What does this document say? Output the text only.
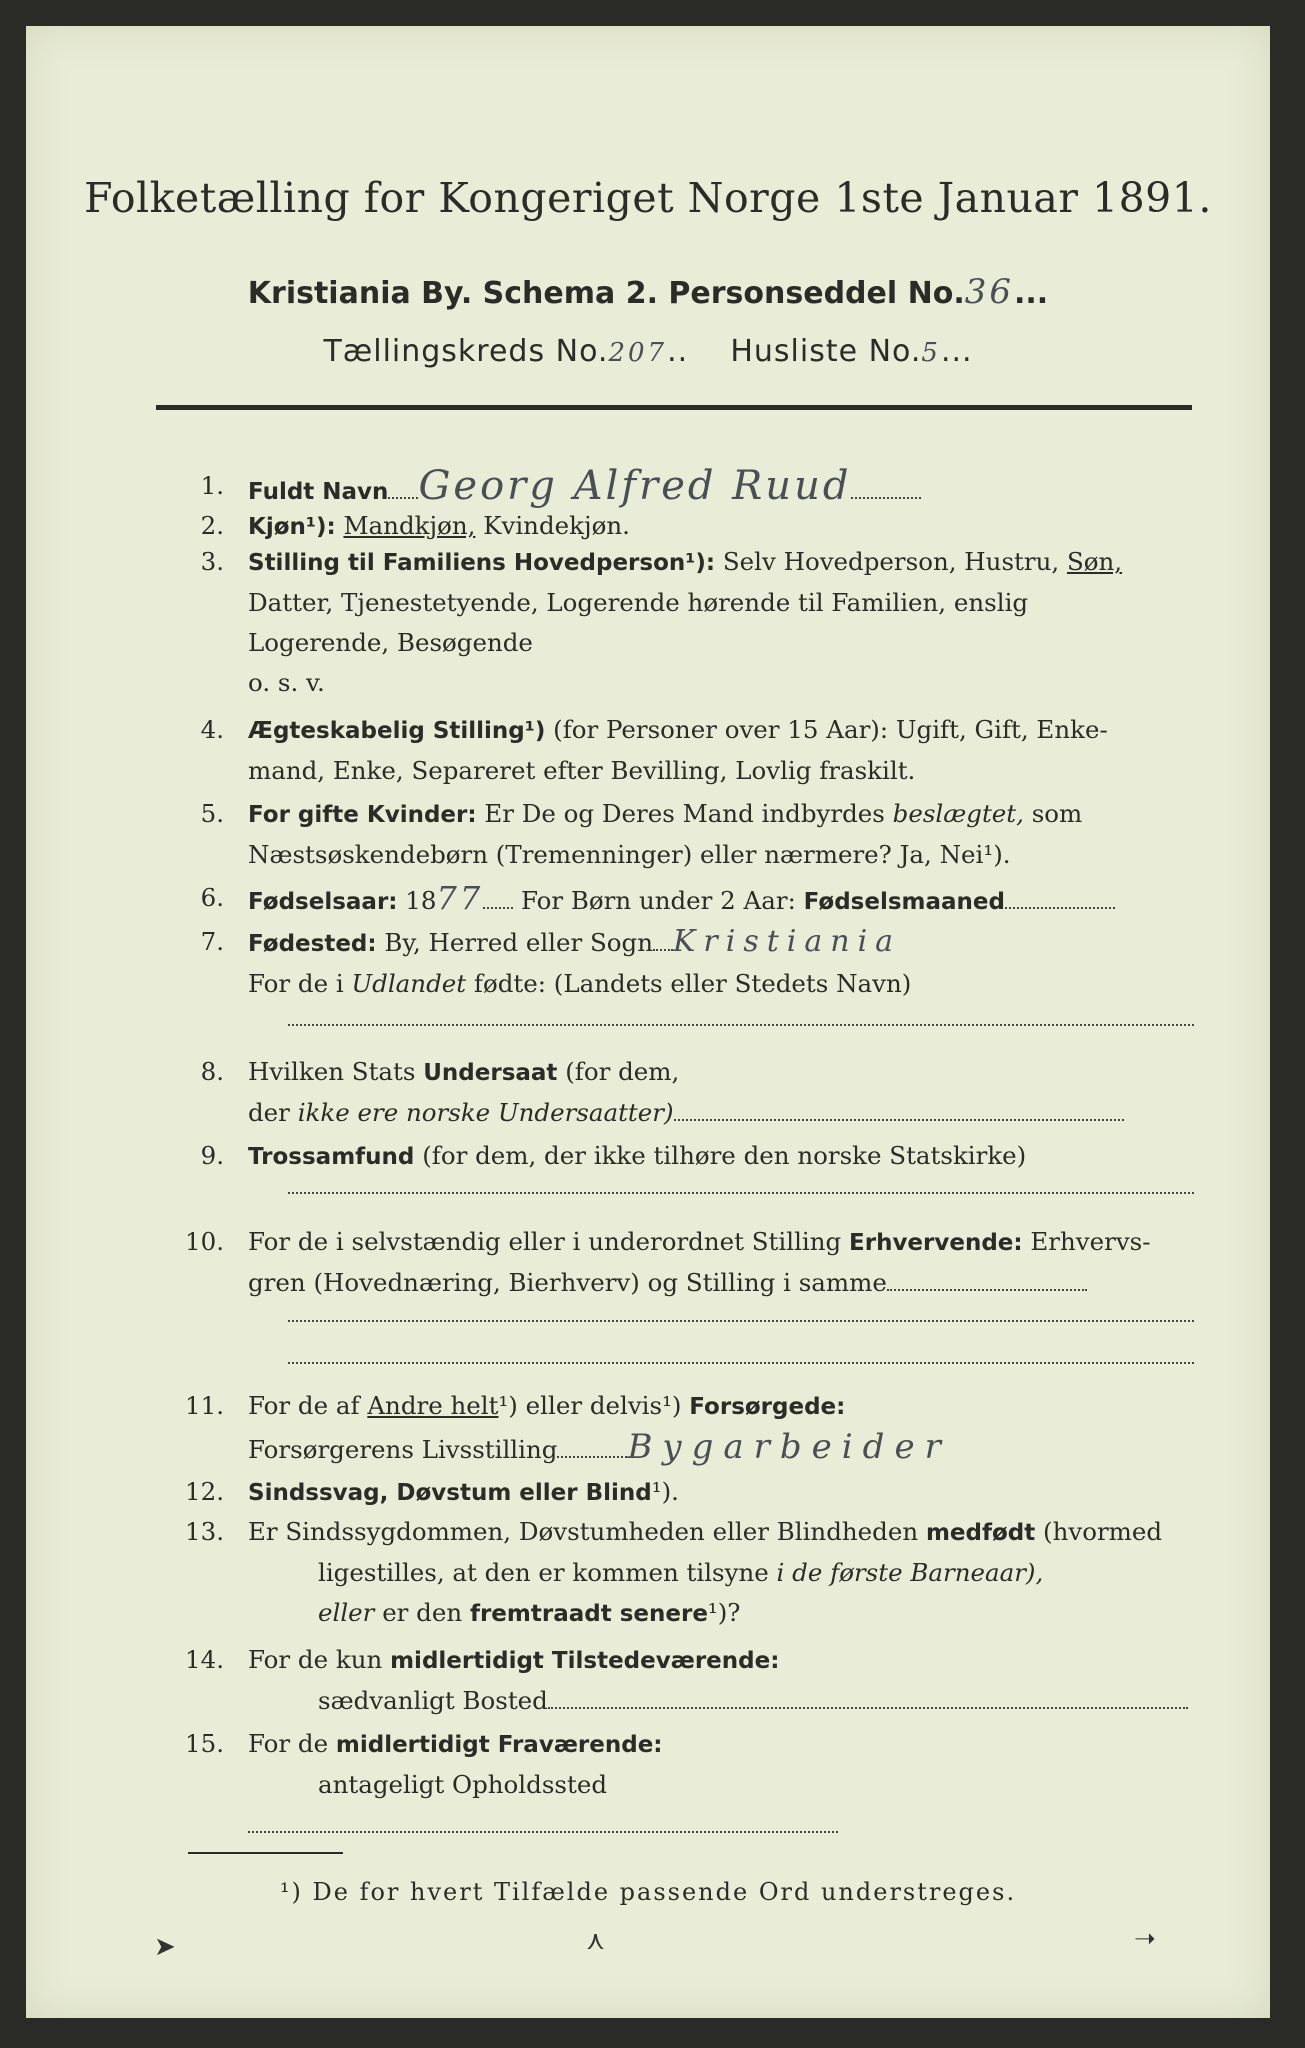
Folketælling for Kongeriget Norge 1ste Januar 1891.
Kristiania By. Schema 2. Personseddel No.36...
Tællingskreds No.207..    Husliste No.5...
1. Fuldt Navn Georg Alfred Ruud
2. Kjøn¹): Mandkjøn, Kvindekjøn.
3. Stilling til Familiens Hovedperson¹): Selv Hovedperson, Hustru, Søn,
Datter, Tjenestetyende, Logerende hørende til Familien, enslig
Logerende, Besøgende
o. s. v.
4. Ægteskabelig Stilling¹) (for Personer over 15 Aar): Ugift, Gift, Enke-
mand, Enke, Separeret efter Bevilling, Lovlig fraskilt.
5. For gifte Kvinder: Er De og Deres Mand indbyrdes beslægtet, som
Næstsøskendebørn (Tremenninger) eller nærmere? Ja, Nei¹).
6. Fødselsaar: 1877 For Børn under 2 Aar: Fødselsmaaned
7. Fødested: By, Herred eller Sogn Kristiania
For de i Udlandet fødte: (Landets eller Stedets Navn)
8. Hvilken Stats Undersaat (for dem,
der ikke ere norske Undersaatter)
9. Trossamfund (for dem, der ikke tilhøre den norske Statskirke)
10. For de i selvstændig eller i underordnet Stilling Erhvervende: Erhvervs-
gren (Hovednæring, Bierhverv) og Stilling i samme
11. For de af Andre helt¹) eller delvis¹) Forsørgede:
Forsørgerens Livsstilling Bygarbeider
12. Sindssvag, Døvstum eller Blind¹).
13. Er Sindssygdommen, Døvstumheden eller Blindheden medfødt (hvormed
ligestilles, at den er kommen tilsyne i de første Barneaar),
eller er den fremtraadt senere¹)?
14. For de kun midlertidigt Tilstedeværende:
sædvanligt Bosted
15. For de midlertidigt Fraværende:
antageligt Opholdssted
¹) De for hvert Tilfælde passende Ord understreges.
➤	⋏	➝
